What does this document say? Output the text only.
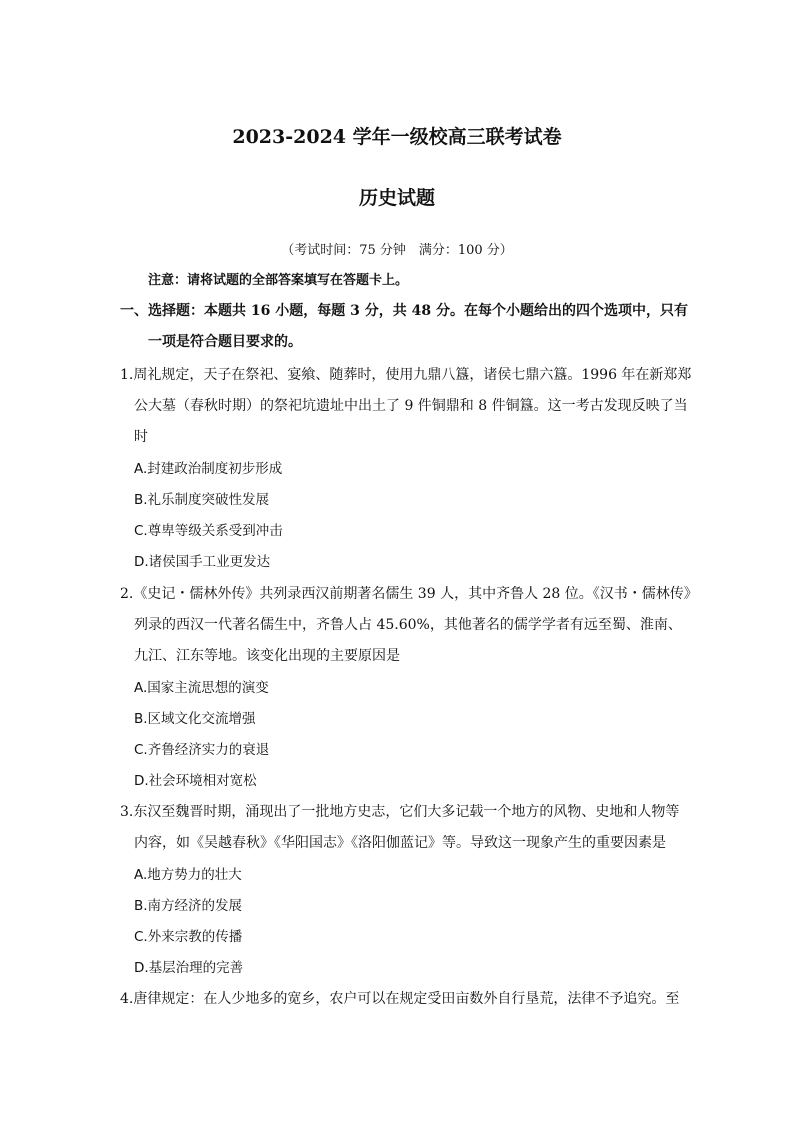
2023-2024 学年一级校高三联考试卷
历史试题
（考试时间：75 分钟　满分：100 分）
注意：请将试题的全部答案填写在答题卡上。
一、选择题：本题共 16 小题，每题 3 分，共 48 分。在每个小题给出的四个选项中，只有
一项是符合题目要求的。
1.周礼规定，天子在祭祀、宴飨、随葬时，使用九鼎八簋，诸侯七鼎六簋。1996 年在新郑郑
公大墓（春秋时期）的祭祀坑遗址中出土了 9 件铜鼎和 8 件铜簋。这一考古发现反映了当
时
A.封建政治制度初步形成
B.礼乐制度突破性发展
C.尊卑等级关系受到冲击
D.诸侯国手工业更发达
2.《史记・儒林外传》共列录西汉前期著名儒生 39 人，其中齐鲁人 28 位。《汉书・儒林传》
列录的西汉一代著名儒生中，齐鲁人占 45.60%，其他著名的儒学学者有远至蜀、淮南、
九江、江东等地。该变化出现的主要原因是
A.国家主流思想的演变
B.区域文化交流增强
C.齐鲁经济实力的衰退
D.社会环境相对宽松
3.东汉至魏晋时期，涌现出了一批地方史志，它们大多记载一个地方的风物、史地和人物等
内容，如《吴越春秋》《华阳国志》《洛阳伽蓝记》等。导致这一现象产生的重要因素是
A.地方势力的壮大
B.南方经济的发展
C.外来宗教的传播
D.基层治理的完善
4.唐律规定：在人少地多的宽乡，农户可以在规定受田亩数外自行垦荒，法律不予追究。至
